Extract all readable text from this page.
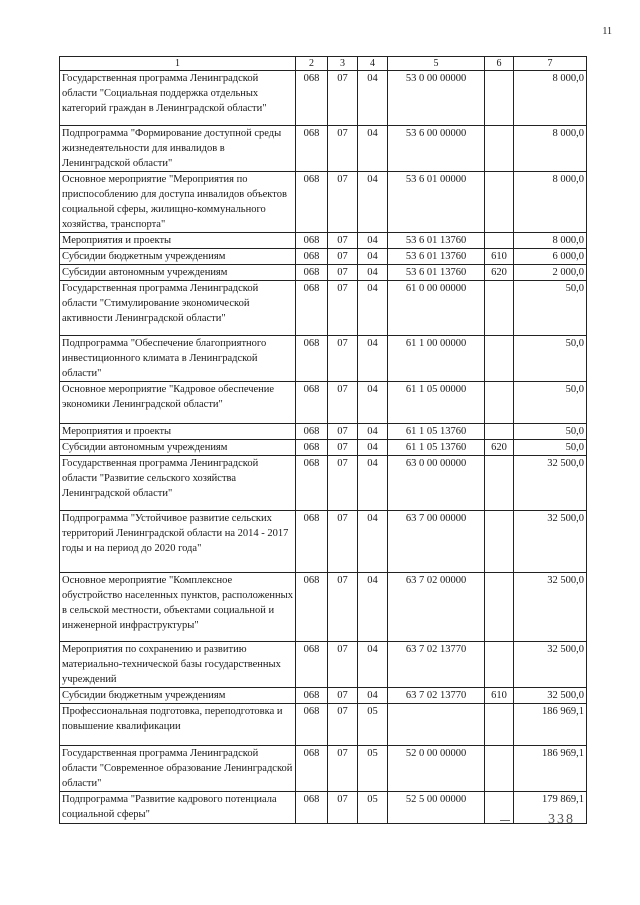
11
1	2	3	4	5	6	7
Государственная программа Ленинградской области "Социальная поддержка отдельных категорий граждан в Ленинградской области"	068	07	04	53 0 00 00000		8 000,0
Подпрограмма "Формирование доступной среды жизнедеятельности для инвалидов в Ленинградской области"	068	07	04	53 6 00 00000		8 000,0
Основное мероприятие "Мероприятия по приспособлению для доступа инвалидов объектов социальной сферы, жилищно-коммунального хозяйства, транспорта"	068	07	04	53 6 01 00000		8 000,0
Мероприятия и проекты	068	07	04	53 6 01 13760		8 000,0
Субсидии бюджетным учреждениям	068	07	04	53 6 01 13760	610	6 000,0
Субсидии автономным учреждениям	068	07	04	53 6 01 13760	620	2 000,0
Государственная программа Ленинградской области "Стимулирование экономической активности Ленинградской области"	068	07	04	61 0 00 00000		50,0
Подпрограмма "Обеспечение благоприятного инвестиционного климата в Ленинградской области"	068	07	04	61 1 00 00000		50,0
Основное мероприятие "Кадровое обеспечение экономики Ленинградской области"	068	07	04	61 1 05 00000		50,0
Мероприятия и проекты	068	07	04	61 1 05 13760		50,0
Субсидии автономным учреждениям	068	07	04	61 1 05 13760	620	50,0
Государственная программа Ленинградской области "Развитие сельского хозяйства Ленинградской области"	068	07	04	63 0 00 00000		32 500,0
Подпрограмма "Устойчивое развитие сельских территорий Ленинградской области на 2014 - 2017 годы и на период до 2020 года"	068	07	04	63 7 00 00000		32 500,0
Основное мероприятие "Комплексное обустройство населенных пунктов, расположенных в сельской местности, объектами социальной и инженерной инфраструктуры"	068	07	04	63 7 02 00000		32 500,0
Мероприятия по сохранению и развитию материально-технической базы государственных учреждений	068	07	04	63 7 02 13770		32 500,0
Субсидии бюджетным учреждениям	068	07	04	63 7 02 13770	610	32 500,0
Профессиональная подготовка, переподготовка и повышение квалификации	068	07	05			186 969,1
Государственная программа Ленинградской области "Современное образование Ленинградской области"	068	07	05	52 0 00 00000		186 969,1
Подпрограмма "Развитие кадрового потенциала социальной сферы"	068	07	05	52 5 00 00000		179 869,1
338
